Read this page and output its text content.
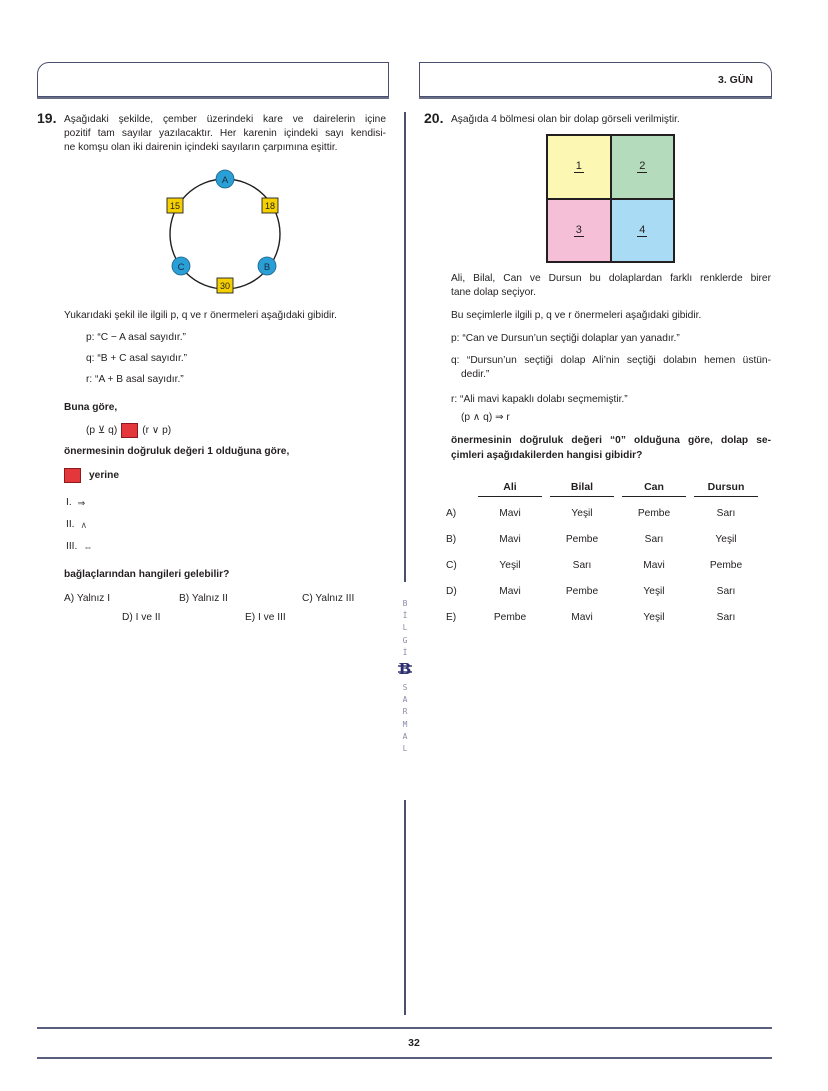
3. GÜN
B
İ
L
G
İ
B
S
A
R
M
A
L
19. Aşağıdaki şekilde, çember üzerindeki kare ve dairelerin içine
pozitif tam sayılar yazılacaktır. Her karenin içindeki sayı kendisi-
ne komşu olan iki dairenin içindeki sayıların çarpımına eşittir.
A
B
C
15	18
30
Yukarıdaki şekil ile ilgili p, q ve r önermeleri aşağıdaki gibidir.
p: “C − A asal sayıdır.”
q: “B + C asal sayıdır.”
r: “A + B asal sayıdır.”
Buna göre,
(p ⊻ q) (r ∨ p)
önermesinin doğruluk değeri 1 olduğuna göre,
yerine
I. ⇒
II. ∧
III. ⇔
bağlaçlarından hangileri gelebilir?
A) Yalnız I	B) Yalnız II	C) Yalnız III
D) I ve II	E) I ve III
20. Aşağıda 4 bölmesi olan bir dolap görseli verilmiştir.
1	2
3	4
Ali, Bilal, Can ve Dursun bu dolaplardan farklı renklerde birer
tane dolap seçiyor.
Bu seçimlerle ilgili p, q ve r önermeleri aşağıdaki gibidir.
p: “Can ve Dursun’un seçtiği dolaplar yan yanadır.”
q: “Dursun’un seçtiği dolap Ali’nin seçtiği dolabın hemen üstün-
dedir.”
r: “Ali mavi kapaklı dolabı seçmemiştir.”
(p ∧ q) ⇒ r
önermesinin doğruluk değeri “0” olduğuna göre, dolap se-
çimleri aşağıdakilerden hangisi gibidir?
	Ali	Bilal	Can	Dursun
A)	Mavi	Yeşil	Pembe	Sarı
B)	Mavi	Pembe	Sarı	Yeşil
C)	Yeşil	Sarı	Mavi	Pembe
D)	Mavi	Pembe	Yeşil	Sarı
E)	Pembe	Mavi	Yeşil	Sarı
32
